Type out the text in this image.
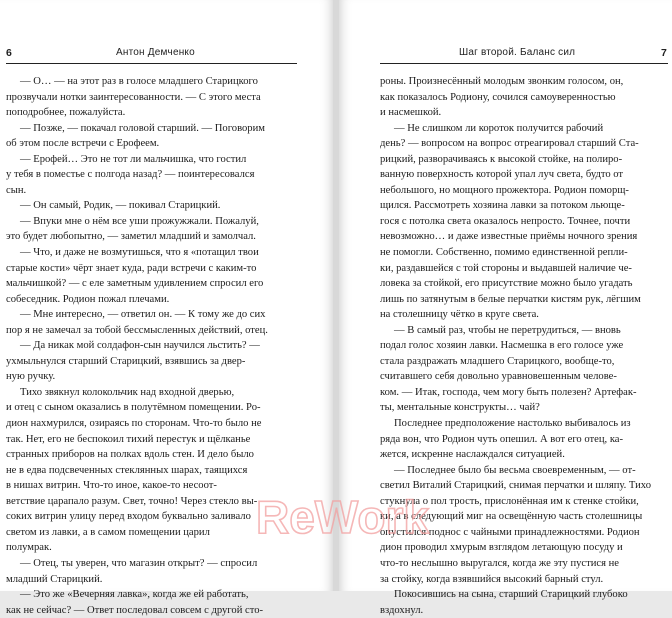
6	Антон Демченко
— О… — на этот раз в голосе младшего Старицкого
прозвучали нотки заинтересованности. — С этого места
поподробнее, пожалуйста.
— Позже, — покачал головой старший. — Поговорим
об этом после встречи с Ерофеем.
— Ерофей… Это не тот ли мальчишка, что гостил
у тебя в поместье с полгода назад? — поинтересовался
сын.
— Он самый, Родик, — покивал Старицкий.
— Впуки мне о нём все уши прожужжали. Пожалуй,
это будет любопытно, — заметил младший и замолчал.
— Что, и даже не возмутишься, что я «потащил твои
старые кости» чёрт знает куда, ради встречи с каким-то
мальчишкой? — с еле заметным удивлением спросил его
собеседник. Родион пожал плечами.
— Мне интересно, — ответил он. — К тому же до сих
пор я не замечал за тобой бессмысленных действий, отец.
— Да никак мой солдафон-сын научился льстить? —
ухмыльнулся старший Старицкий, взявшись за двер-
ную ручку.
Тихо звякнул колокольчик над входной дверью,
и отец с сыном оказались в полутёмном помещении. Ро-
дион нахмурился, озираясь по сторонам. Что-то было не
так. Нет, его не беспокоил тихий перестук и щёлканье
странных приборов на полках вдоль стен. И дело было
не в едва подсвеченных стеклянных шарах, таящихся
в нишах витрин. Что-то иное, какое-то несоот-
ветствие царапало разум. Свет, точно! Через стекло вы-
соких витрин улицу перед входом буквально заливало
светом из лавки, а в самом помещении царил
полумрак.
— Отец, ты уверен, что магазин открыт? — спросил
младший Старицкий.
— Это же «Вечерняя лавка», когда же ей работать,
как не сейчас? — Ответ последовал совсем с другой сто-
Шаг второй. Баланс сил	7
роны. Произнесённый молодым звонким голосом, он,
как показалось Родиону, сочился самоуверенностью
и насмешкой.
— Не слишком ли короток получится рабочий
день? — вопросом на вопрос отреагировал старший Ста-
рицкий, разворачиваясь к высокой стойке, на полиро-
ванную поверхность которой упал луч света, будто от
небольшого, но мощного прожектора. Родион поморщ-
щился. Рассмотреть хозяина лавки за потоком льюще-
гося с потолка света оказалось непросто. Точнее, почти
невозможно… и даже известные приёмы ночного зрения
не помогли. Собственно, помимо единственной репли-
ки, раздавшейся с той стороны и выдавшей наличие че-
ловека за стойкой, его присутствие можно было угадать
лишь по затянутым в белые перчатки кистям рук, лёгшим
на столешницу чётко в круге света.
— В самый раз, чтобы не перетрудиться, — вновь
подал голос хозяин лавки. Насмешка в его голосе уже
стала раздражать младшего Старицкого, вообще-то,
считавшего себя довольно уравновешенным челове-
ком. — Итак, господа, чем могу быть полезен? Артефак-
ты, ментальные конструкты… чай?
Последнее предположение настолько выбивалось из
ряда вон, что Родион чуть опешил. А вот его отец, ка-
жется, искренне наслаждался ситуацией.
— Последнее было бы весьма своевременным, — от-
светил Виталий Старицкий, снимая перчатки и шляпу. Тихо
стукнула о пол трость, прислонённая им к стенке стойки,
ки, а в следующий миг на освещённую часть столешницы
опустился поднос с чайными принадлежностями. Родион
дион проводил хмурым взглядом летающую посуду и
что-то неслышно выругался, когда же эту пустися не
за стойку, когда взявшийся высокий барный стул.
Покосившись на сына, старший Старицкий глубоко
вздохнул.
ReWork
